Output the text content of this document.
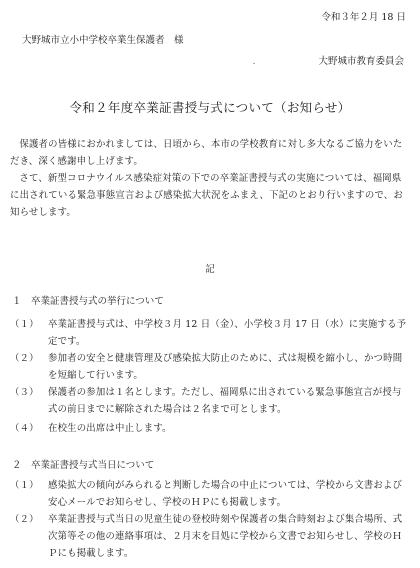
令和３年２月 18 日
大野城市立小中学校卒業生保護者　様
大野城市教育委員会
・
令和２年度卒業証書授与式について（お知らせ）
保護者の皆様におかれましては、日頃から、本市の学校教育に対し多大なるご協力をいただき、深く感謝申し上げます。
さて、新型コロナウイルス感染症対策の下での卒業証書授与式の実施については、福岡県に出されている緊急事態宣言および感染拡大状況をふまえ、下記のとおり行いますので、お知らせします。
記
１　卒業証書授与式の挙行について
（１） 卒業証書授与式は、中学校３月 12 日（金）、小学校３月 17 日（水）に実施する予定です。
（２） 参加者の安全と健康管理及び感染拡大防止のために、式は規模を縮小し、かつ時間を短縮して行います。
（３） 保護者の参加は１名とします。ただし、福岡県に出されている緊急事態宣言が授与式の前日までに解除された場合は２名まで可とします。
（４） 在校生の出席は中止します。
２　卒業証書授与式当日について
（１） 感染拡大の傾向がみられると判断した場合の中止については、学校から文書および安心メールでお知らせし、学校のＨＰにも掲載します。
（２） 卒業証書授与式当日の児童生徒の登校時刻や保護者の集合時刻および集合場所、式次第等その他の連絡事項は、２月末を目処に学校から文書でお知らせし、学校のＨＰにも掲載します。
